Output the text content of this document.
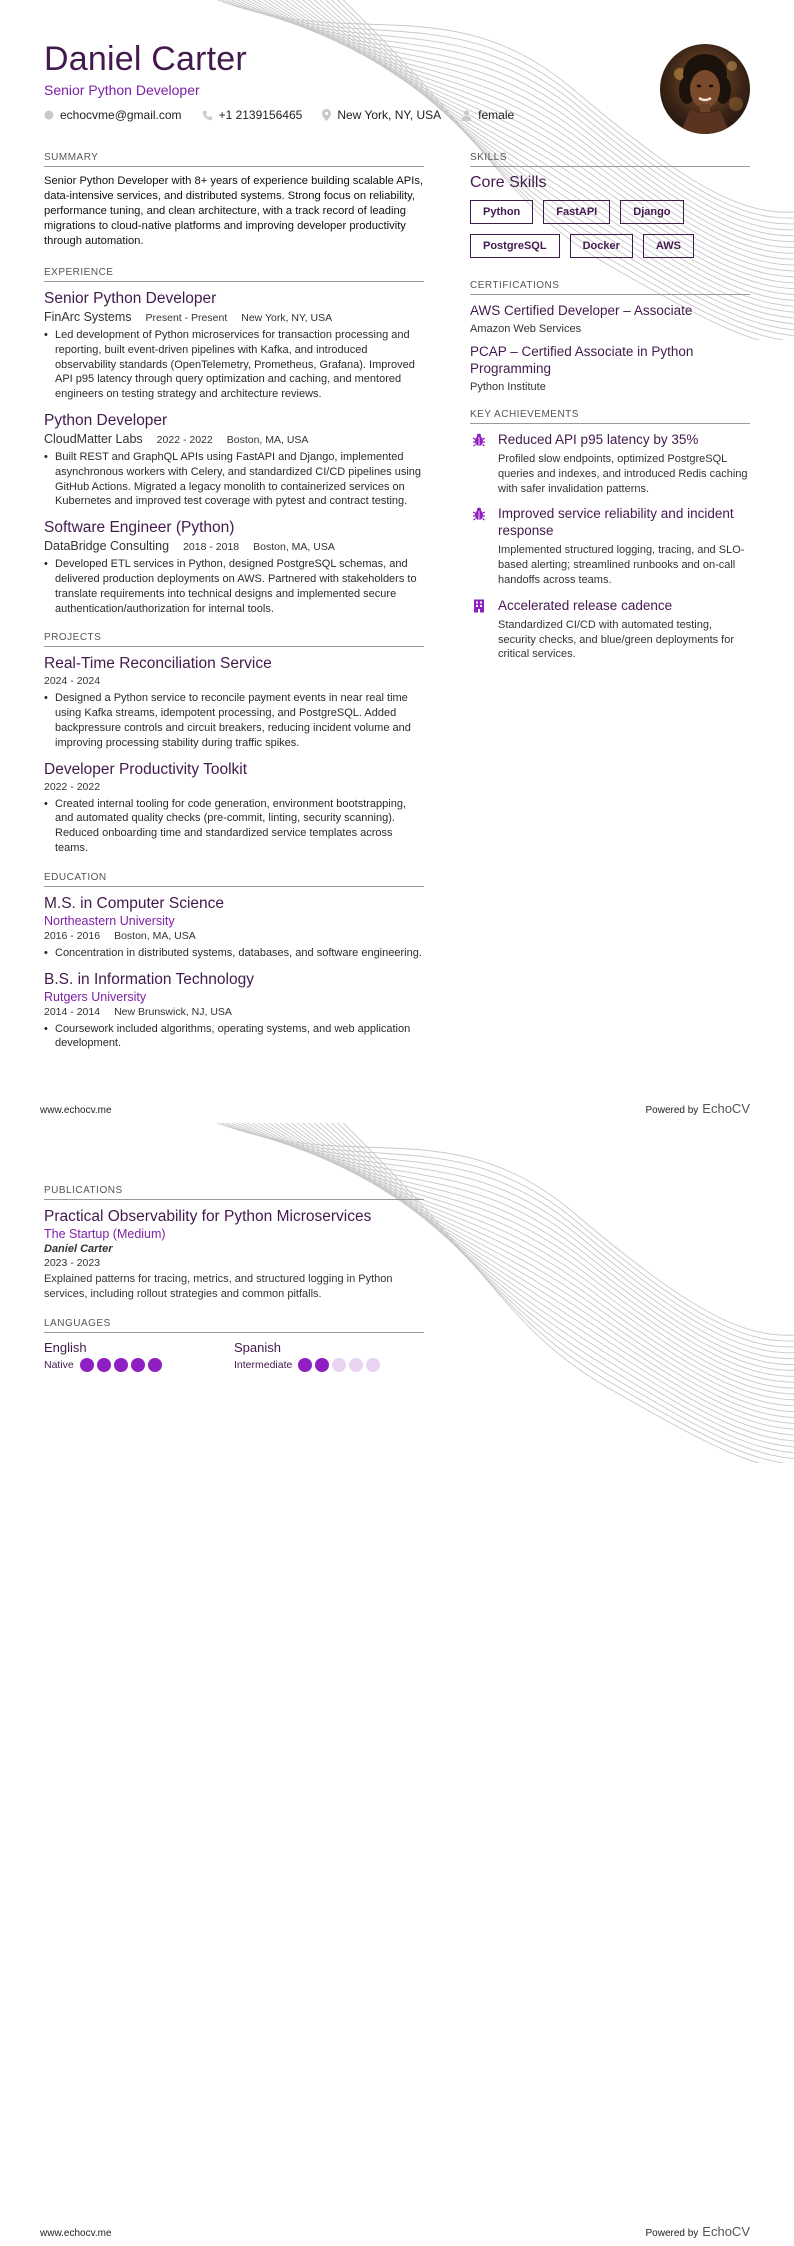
Daniel Carter
Senior Python Developer
echocvme@gmail.com	+1 2139156465	New York, NY, USA	female
SUMMARY

Senior Python Developer with 8+ years of experience building scalable APIs, data-intensive services, and distributed systems. Strong focus on reliability, performance tuning, and clean architecture, with a track record of leading migrations to cloud-native platforms and improving developer productivity through automation.

EXPERIENCE
Senior Python Developer
FinArc Systems Present - Present New York, NY, USA
• Led development of Python microservices for transaction processing and reporting, built event-driven pipelines with Kafka, and introduced observability standards (OpenTelemetry, Prometheus, Grafana). Improved API p95 latency through query optimization and caching, and mentored engineers on testing strategy and architecture reviews.
Python Developer
CloudMatter Labs 2022 - 2022 Boston, MA, USA
• Built REST and GraphQL APIs using FastAPI and Django, implemented asynchronous workers with Celery, and standardized CI/CD pipelines using GitHub Actions. Migrated a legacy monolith to containerized services on Kubernetes and improved test coverage with pytest and contract testing.
Software Engineer (Python)
DataBridge Consulting 2018 - 2018 Boston, MA, USA
• Developed ETL services in Python, designed PostgreSQL schemas, and delivered production deployments on AWS. Partnered with stakeholders to translate requirements into technical designs and implemented secure authentication/authorization for internal tools.
PROJECTS
Real-Time Reconciliation Service
2024 - 2024
• Designed a Python service to reconcile payment events in near real time using Kafka streams, idempotent processing, and PostgreSQL. Added backpressure controls and circuit breakers, reducing incident volume and improving processing stability during traffic spikes.
Developer Productivity Toolkit
2022 - 2022
• Created internal tooling for code generation, environment bootstrapping, and automated quality checks (pre-commit, linting, security scanning). Reduced onboarding time and standardized service templates across teams.
EDUCATION
M.S. in Computer Science
Northeastern University
2016 - 2016 Boston, MA, USA
• Concentration in distributed systems, databases, and software engineering.
B.S. in Information Technology
Rutgers University
2014 - 2014 New Brunswick, NJ, USA
• Coursework included algorithms, operating systems, and web application development.
SKILLS
Core Skills
Python	FastAPI	Django
PostgreSQL	Docker	AWS
CERTIFICATIONS
AWS Certified Developer – Associate
Amazon Web Services
PCAP – Certified Associate in Python Programming
Python Institute
KEY ACHIEVEMENTS
Reduced API p95 latency by 35%
Profiled slow endpoints, optimized PostgreSQL queries and indexes, and introduced Redis caching with safer invalidation patterns.
Improved service reliability and incident response
Implemented structured logging, tracing, and SLO-based alerting; streamlined runbooks and on-call handoffs across teams.
Accelerated release cadence
Standardized CI/CD with automated testing, security checks, and blue/green deployments for critical services.
www.echocv.me	Powered by EchoCV
PUBLICATIONS
Practical Observability for Python Microservices
The Startup (Medium)
Daniel Carter
2023 - 2023
Explained patterns for tracing, metrics, and structured logging in Python services, including rollout strategies and common pitfalls.
LANGUAGES
English
Native
Spanish
Intermediate
www.echocv.me	Powered by EchoCV
